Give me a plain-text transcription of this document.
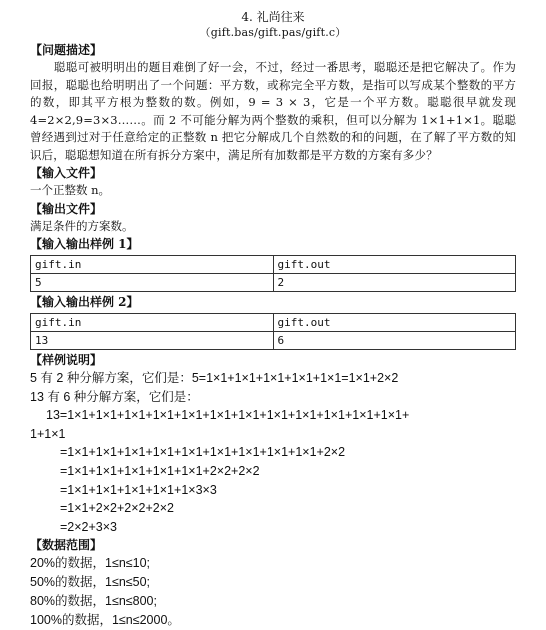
4. 礼尚往来
（gift.bas/gift.pas/gift.c）
【问题描述】
聪聪可被明明出的题目难倒了好一会，不过，经过一番思考，聪聪还是把它解决了。作为回报，聪聪也给明明出了一个问题：平方数，或称完全平方数，是指可以写成某个整数的平方的数，即其平方根为整数的数。例如，9 = 3 × 3，它是一个平方数。聪聪很早就发现 4=2×2,9=3×3……。而 2 不可能分解为两个整数的乘积，但可以分解为 1×1+1×1。聪聪曾经遇到过对于任意给定的正整数 n 把它分解成几个自然数的和的问题，在了解了平方数的知识后，聪聪想知道在所有拆分方案中，满足所有加数都是平方数的方案有多少？
【输入文件】
一个正整数 n。
【输出文件】
满足条件的方案数。
【输入输出样例 1】
gift.in	gift.out
5	2
【输入输出样例 2】
gift.in	gift.out
13	6
【样例说明】
5 有 2 种分解方案，它们是：5=1×1+1×1+1×1+1×1+1×1=1×1+2×2
13 有 6 种分解方案，它们是：
13=1×1+1×1+1×1+1×1+1×1+1×1+1×1+1×1+1×1+1×1+1×1+1×1+
1+1×1
=1×1+1×1+1×1+1×1+1×1+1×1+1×1+1×1+1×1+2×2
=1×1+1×1+1×1+1×1+1×1+2×2+2×2
=1×1+1×1+1×1+1×1+1×3×3
=1×1+2×2+2×2+2×2
=2×2+3×3
【数据范围】
20%的数据，1≤n≤10;
50%的数据，1≤n≤50;
80%的数据，1≤n≤800;
100%的数据，1≤n≤2000。
